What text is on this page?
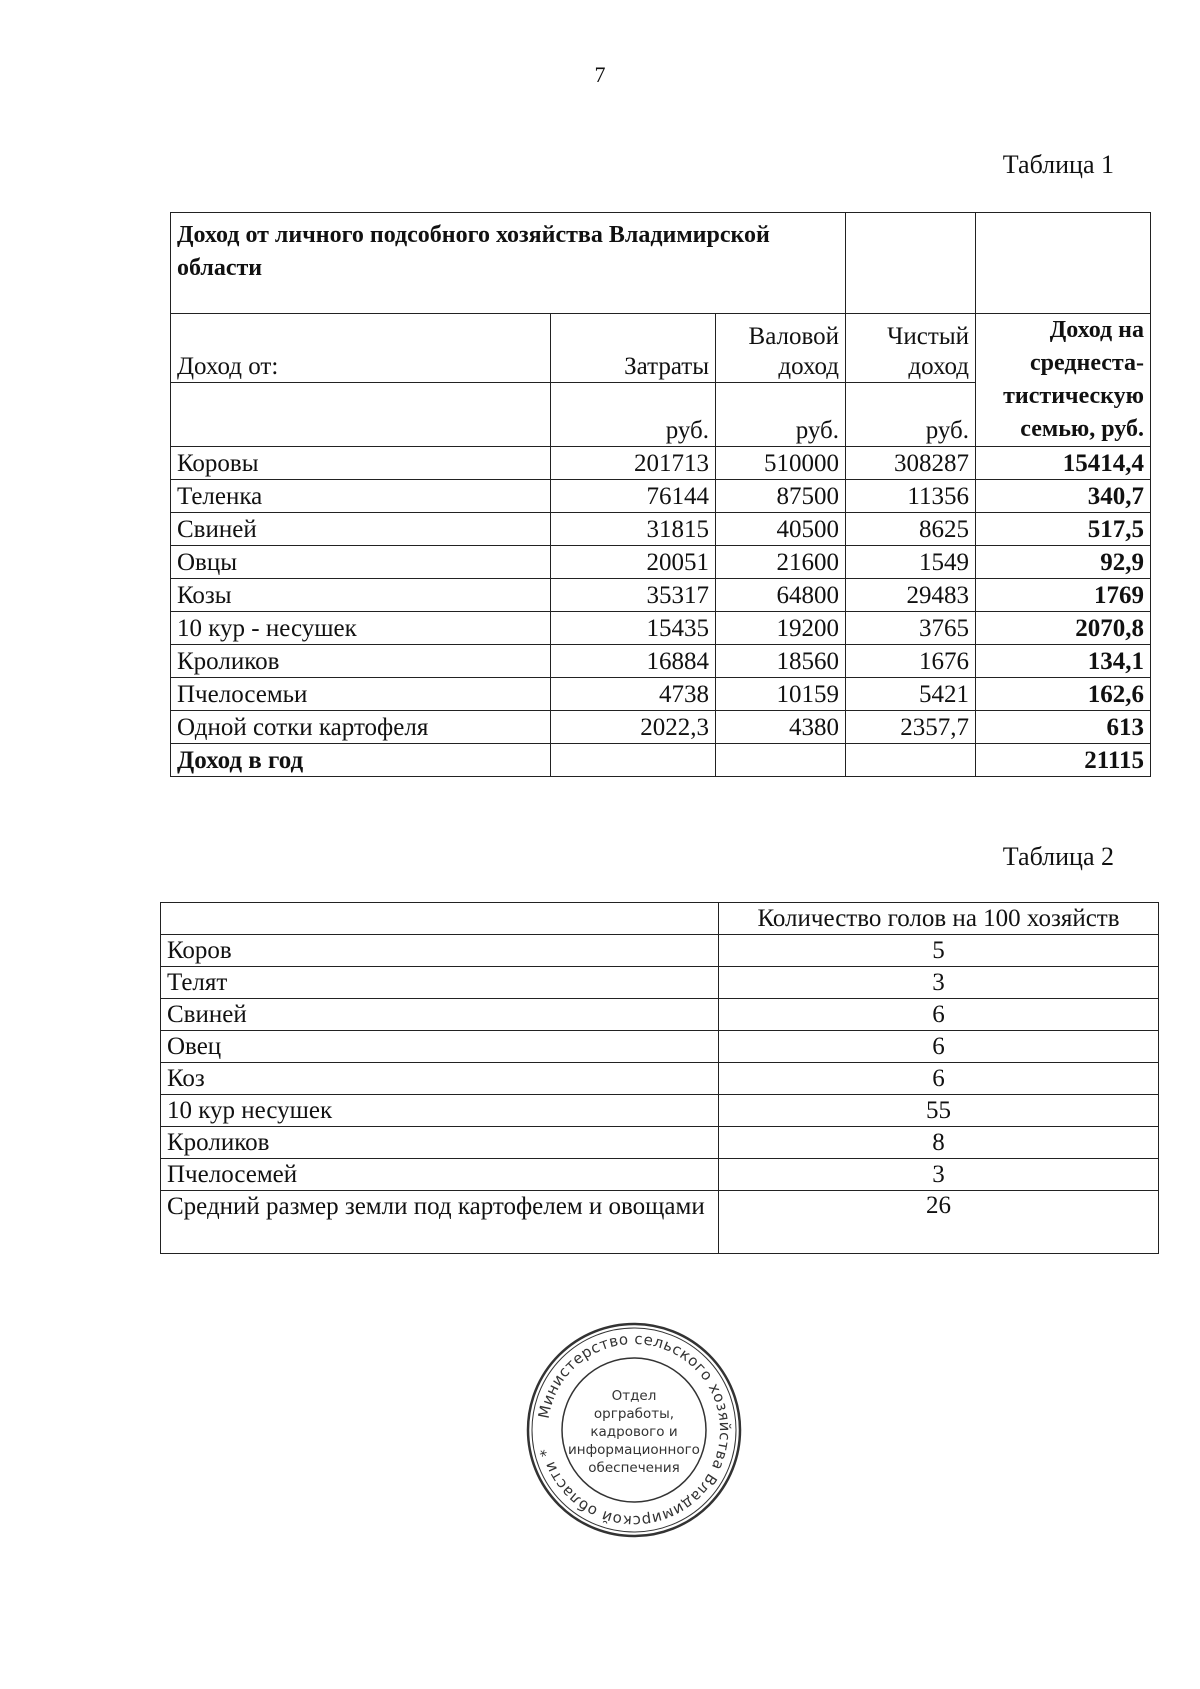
7
Таблица 1
Доход от личного подсобного хозяйства Владимирской области				
Доход от:	Затраты	Валовой доход	Чистый доход	Доход на среднеста-тистическую семью, руб.
	руб.	руб.	руб.	
Коровы	201713	510000	308287	15414,4
Теленка	76144	87500	11356	340,7
Свиней	31815	40500	8625	517,5
Овцы	20051	21600	1549	92,9
Козы	35317	64800	29483	1769
10 кур - несушек	15435	19200	3765	2070,8
Кроликов	16884	18560	1676	134,1
Пчелосемьи	4738	10159	5421	162,6
Одной сотки картофеля	2022,3	4380	2357,7	613
Доход в год				21115
Таблица 2
	Количество голов на 100 хозяйств
Коров	5
Телят	3
Свиней	6
Овец	6
Коз	6
10 кур несушек	55
Кроликов	8
Пчелосемей	3
Средний размер земли под картофелем и овощами	26
Министерство сельского хозяйства Владимирской области *
Отдел
оргработы,
кадрового и
информационного
обеспечения
